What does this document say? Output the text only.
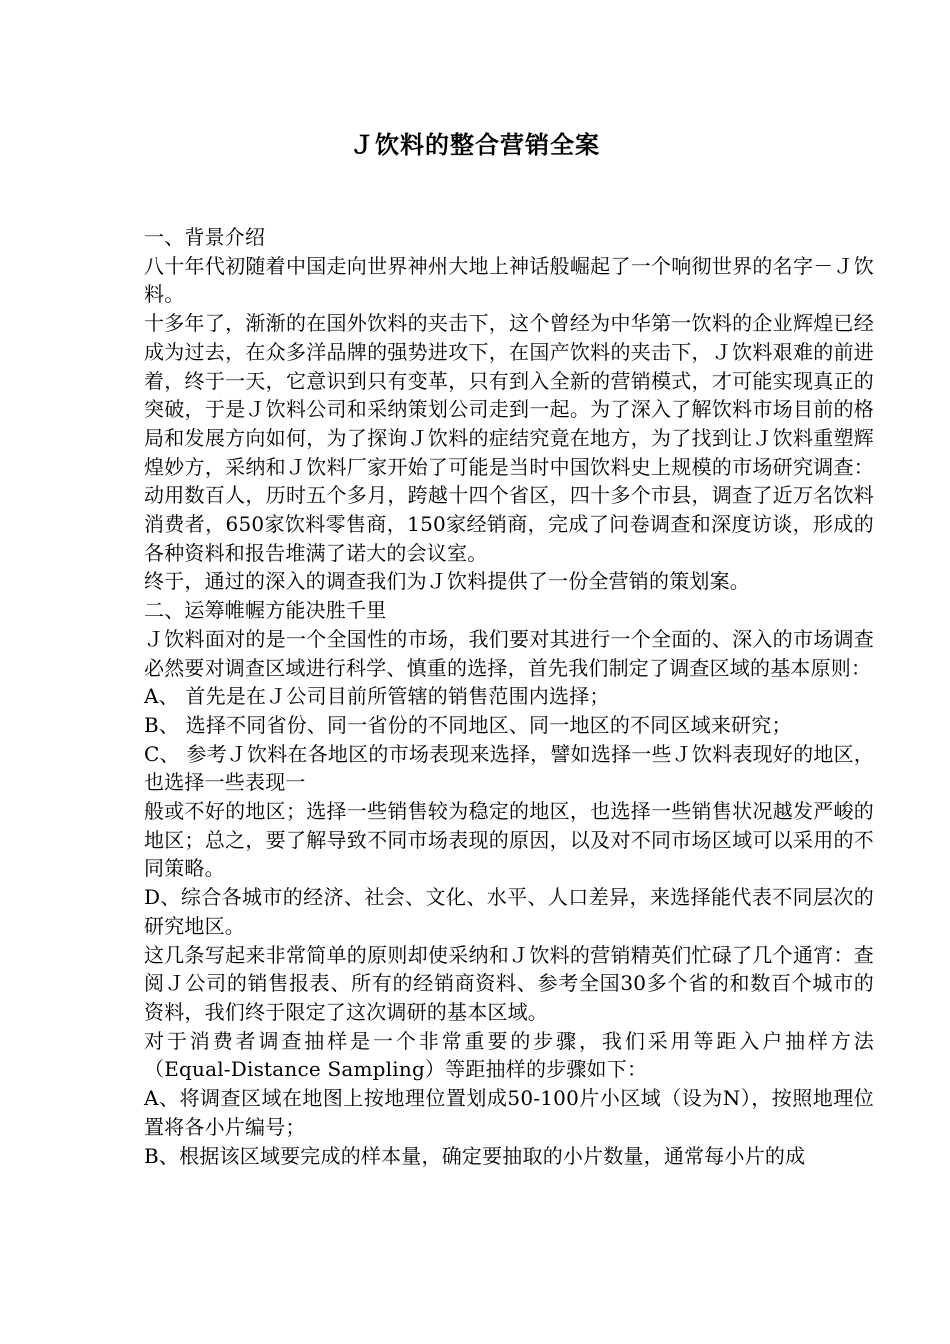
Ｊ饮料的整合营销全案

一、背景介绍

八十年代初随着中国走向世界神州大地上神话般崛起了一个响彻世界的名字－Ｊ饮料。

十多年了，渐渐的在国外饮料的夹击下，这个曾经为中华第一饮料的企业辉煌已经成为过去，在众多洋品牌的强势进攻下，在国产饮料的夹击下，Ｊ饮料艰难的前进着，终于一天，它意识到只有变革，只有到入全新的营销模式，才可能实现真正的突破，于是Ｊ饮料公司和采纳策划公司走到一起。为了深入了解饮料市场目前的格局和发展方向如何，为了探询Ｊ饮料的症结究竟在地方，为了找到让Ｊ饮料重塑辉煌妙方，采纳和Ｊ饮料厂家开始了可能是当时中国饮料史上规模的市场研究调查：动用数百人，历时五个多月，跨越十四个省区，四十多个市县，调查了近万名饮料消费者，650家饮料零售商，150家经销商，完成了问卷调查和深度访谈，形成的各种资料和报告堆满了诺大的会议室。

终于，通过的深入的调查我们为Ｊ饮料提供了一份全营销的策划案。

二、运筹帷幄方能决胜千里

Ｊ饮料面对的是一个全国性的市场，我们要对其进行一个全面的、深入的市场调查必然要对调查区域进行科学、慎重的选择，首先我们制定了调查区域的基本原则：

A、 首先是在Ｊ公司目前所管辖的销售范围内选择；

B、 选择不同省份、同一省份的不同地区、同一地区的不同区域来研究；

C、 参考Ｊ饮料在各地区的市场表现来选择，譬如选择一些Ｊ饮料表现好的地区，也选择一些表现一

般或不好的地区；选择一些销售较为稳定的地区，也选择一些销售状况越发严峻的地区；总之，要了解导致不同市场表现的原因，以及对不同市场区域可以采用的不同策略。

D、综合各城市的经济、社会、文化、水平、人口差异，来选择能代表不同层次的研究地区。

这几条写起来非常简单的原则却使采纳和Ｊ饮料的营销精英们忙碌了几个通宵：查阅Ｊ公司的销售报表、所有的经销商资料、参考全国30多个省的和数百个城市的资料，我们终于限定了这次调研的基本区域。

对于消费者调查抽样是一个非常重要的步骤，我们采用等距入户抽样方法（Equal-Distance Sampling）等距抽样的步骤如下：

A、将调查区域在地图上按地理位置划成50-100片小区域（设为N），按照地理位置将各小片编号；

B、根据该区域要完成的样本量，确定要抽取的小片数量，通常每小片的成
